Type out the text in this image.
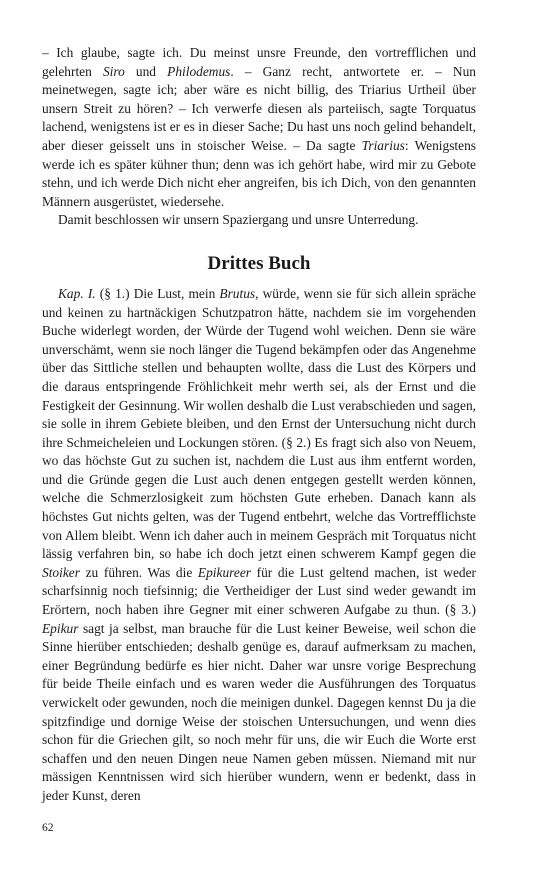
– Ich glaube, sagte ich. Du meinst unsre Freunde, den vortrefflichen und gelehrten Siro und Philodemus. – Ganz recht, antwortete er. – Nun meinetwegen, sagte ich; aber wäre es nicht billig, des Triarius Urtheil über unsern Streit zu hören? – Ich verwerfe diesen als parteiisch, sagte Torquatus lachend, wenigstens ist er es in dieser Sache; Du hast uns noch gelind behandelt, aber dieser geisselt uns in stoischer Weise. – Da sagte Triarius: Wenigstens werde ich es später kühner thun; denn was ich gehört habe, wird mir zu Gebote stehn, und ich werde Dich nicht eher angreifen, bis ich Dich, von den genannten Männern ausgerüstet, wiedersehe.

Damit beschlossen wir unsern Spaziergang und unsre Unterredung.

Drittes Buch

Kap. I. (§ 1.) Die Lust, mein Brutus, würde, wenn sie für sich allein spräche und keinen zu hartnäckigen Schutzpatron hätte, nachdem sie im vorgehenden Buche widerlegt worden, der Würde der Tugend wohl weichen. Denn sie wäre unverschämt, wenn sie noch länger die Tugend bekämpfen oder das Angenehme über das Sittliche stellen und behaupten wollte, dass die Lust des Körpers und die daraus entspringende Fröhlichkeit mehr werth sei, als der Ernst und die Festigkeit der Gesinnung. Wir wollen deshalb die Lust verabschieden und sagen, sie solle in ihrem Gebiete bleiben, und den Ernst der Untersuchung nicht durch ihre Schmeicheleien und Lockungen stören. (§ 2.) Es fragt sich also von Neuem, wo das höchste Gut zu suchen ist, nachdem die Lust aus ihm entfernt worden, und die Gründe gegen die Lust auch denen entgegen gestellt werden können, welche die Schmerzlosigkeit zum höchsten Gute erheben. Danach kann als höchstes Gut nichts gelten, was der Tugend entbehrt, welche das Vortrefflichste von Allem bleibt. Wenn ich daher auch in meinem Gespräch mit Torquatus nicht lässig verfahren bin, so habe ich doch jetzt einen schwerem Kampf gegen die Stoiker zu führen. Was die Epikureer für die Lust geltend machen, ist weder scharfsinnig noch tiefsinnig; die Vertheidiger der Lust sind weder gewandt im Erörtern, noch haben ihre Gegner mit einer schweren Aufgabe zu thun. (§ 3.) Epikur sagt ja selbst, man brauche für die Lust keiner Beweise, weil schon die Sinne hierüber entschieden; deshalb genüge es, darauf aufmerksam zu machen, einer Begründung bedürfe es hier nicht. Daher war unsre vorige Besprechung für beide Theile einfach und es waren weder die Ausführungen des Torquatus verwickelt oder gewunden, noch die meinigen dunkel. Dagegen kennst Du ja die spitzfindige und dornige Weise der stoischen Untersuchungen, und wenn dies schon für die Griechen gilt, so noch mehr für uns, die wir Euch die Worte erst schaffen und den neuen Dingen neue Namen geben müssen. Niemand mit nur mässigen Kenntnissen wird sich hierüber wundern, wenn er bedenkt, dass in jeder Kunst, deren

62
